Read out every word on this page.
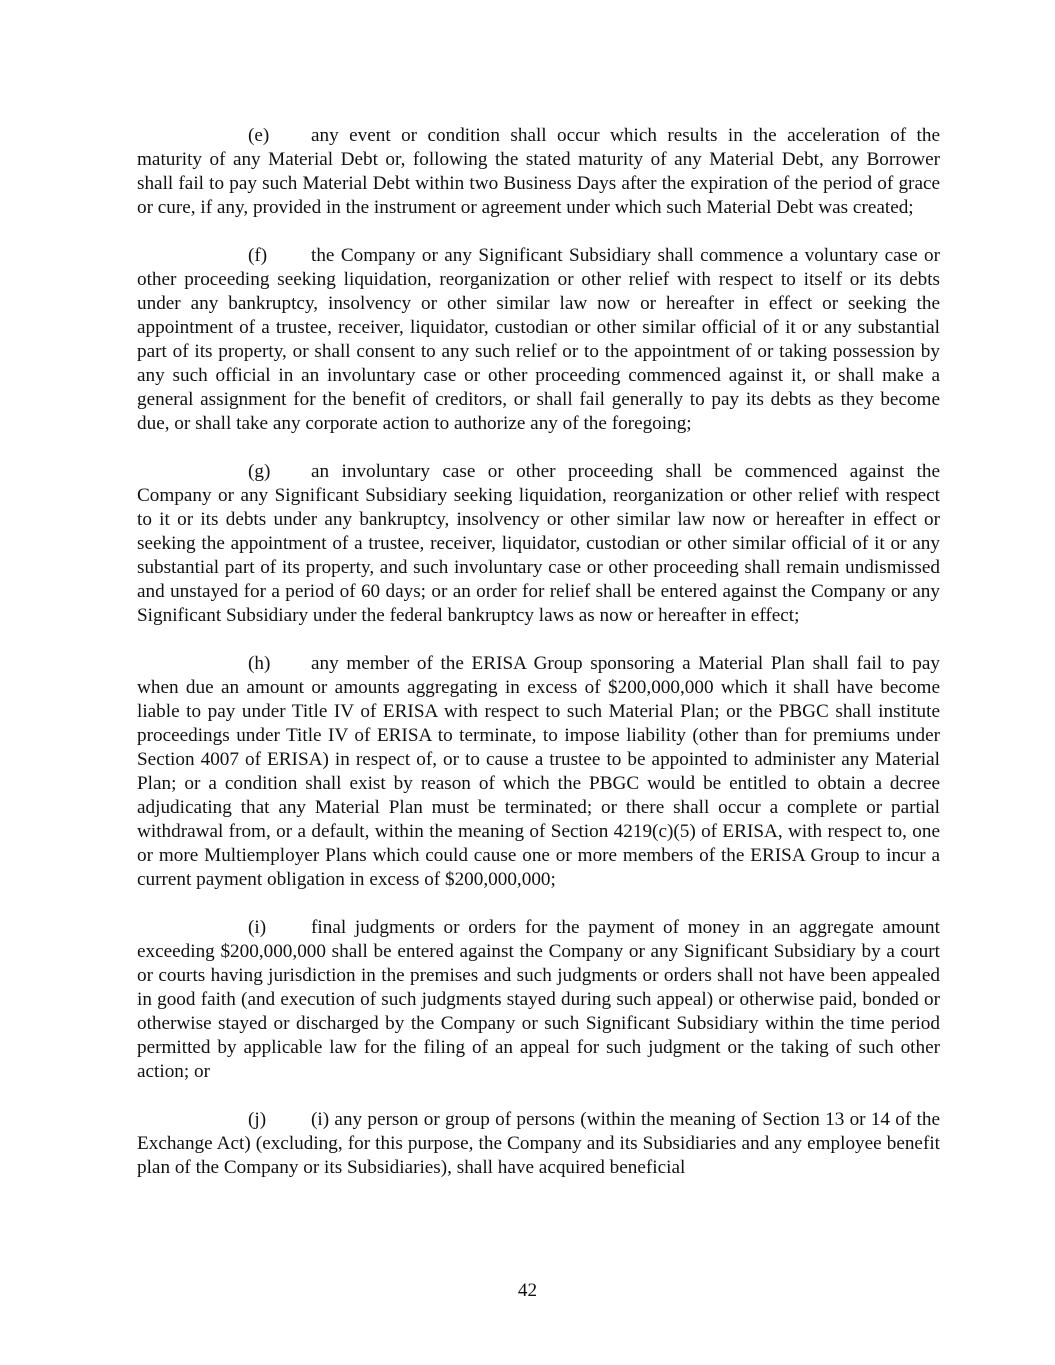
(e) any event or condition shall occur which results in the acceleration of the maturity of any Material Debt or, following the stated maturity of any Material Debt, any Borrower shall fail to pay such Material Debt within two Business Days after the expiration of the period of grace or cure, if any, provided in the instrument or agreement under which such Material Debt was created;

(f) the Company or any Significant Subsidiary shall commence a voluntary case or other proceeding seeking liquidation, reorganization or other relief with respect to itself or its debts under any bankruptcy, insolvency or other similar law now or hereafter in effect or seeking the appointment of a trustee, receiver, liquidator, custodian or other similar official of it or any substantial part of its property, or shall consent to any such relief or to the appointment of or taking possession by any such official in an involuntary case or other proceeding commenced against it, or shall make a general assignment for the benefit of creditors, or shall fail generally to pay its debts as they become due, or shall take any corporate action to authorize any of the foregoing;

(g) an involuntary case or other proceeding shall be commenced against the Company or any Significant Subsidiary seeking liquidation, reorganization or other relief with respect to it or its debts under any bankruptcy, insolvency or other similar law now or hereafter in effect or seeking the appointment of a trustee, receiver, liquidator, custodian or other similar official of it or any substantial part of its property, and such involuntary case or other proceeding shall remain undismissed and unstayed for a period of 60 days; or an order for relief shall be entered against the Company or any Significant Subsidiary under the federal bankruptcy laws as now or hereafter in effect;

(h) any member of the ERISA Group sponsoring a Material Plan shall fail to pay when due an amount or amounts aggregating in excess of $200,000,000 which it shall have become liable to pay under Title IV of ERISA with respect to such Material Plan; or the PBGC shall institute proceedings under Title IV of ERISA to terminate, to impose liability (other than for premiums under Section 4007 of ERISA) in respect of, or to cause a trustee to be appointed to administer any Material Plan; or a condition shall exist by reason of which the PBGC would be entitled to obtain a decree adjudicating that any Material Plan must be terminated; or there shall occur a complete or partial withdrawal from, or a default, within the meaning of Section 4219(c)(5) of ERISA, with respect to, one or more Multiemployer Plans which could cause one or more members of the ERISA Group to incur a current payment obligation in excess of $200,000,000;

(i) final judgments or orders for the payment of money in an aggregate amount exceeding $200,000,000 shall be entered against the Company or any Significant Subsidiary by a court or courts having jurisdiction in the premises and such judgments or orders shall not have been appealed in good faith (and execution of such judgments stayed during such appeal) or otherwise paid, bonded or otherwise stayed or discharged by the Company or such Significant Subsidiary within the time period permitted by applicable law for the filing of an appeal for such judgment or the taking of such other action; or

(j) (i) any person or group of persons (within the meaning of Section 13 or 14 of the Exchange Act) (excluding, for this purpose, the Company and its Subsidiaries and any employee benefit plan of the Company or its Subsidiaries), shall have acquired beneficial

42
